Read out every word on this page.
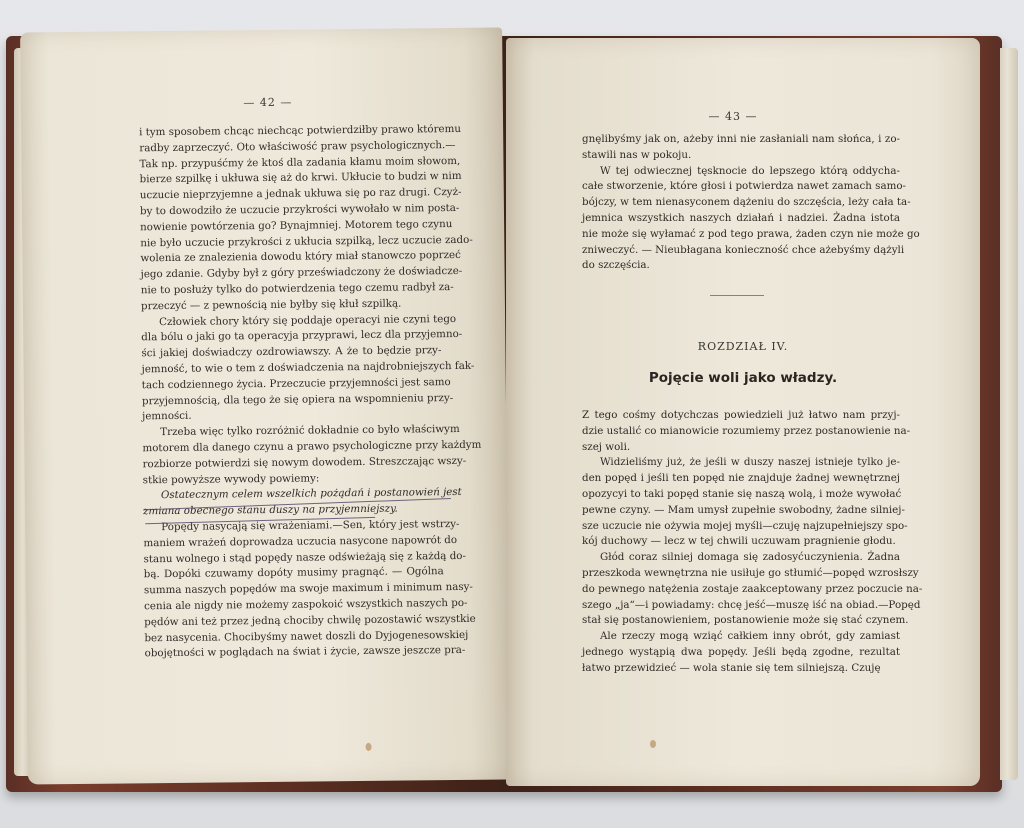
— 42 —
i tym sposobem chcąc niechcąc potwierdziłby prawo któremu
radby zaprzeczyć. Oto właściwość praw psychologicznych.—
Tak np. przypuśćmy że ktoś dla zadania kłamu moim słowom,
bierze szpilkę i ukłuwa się aż do krwi. Ukłucie to budzi w nim
uczucie nieprzyjemne a jednak ukłuwa się po raz drugi. Czyż-
by to dowodziło że uczucie przykrości wywołało w nim posta-
nowienie powtórzenia go? Bynajmniej. Motorem tego czynu
nie było uczucie przykrości z ukłucia szpilką, lecz uczucie zado-
wolenia ze znalezienia dowodu który miał stanowczo poprzeć
jego zdanie. Gdyby był z góry przeświadczony że doświadcze-
nie to posłuży tylko do potwierdzenia tego czemu radbył za-
przeczyć — z pewnością nie byłby się kłuł szpilką.
Człowiek chory który się poddaje operacyi nie czyni tego
dla bólu o jaki go ta operacyja przyprawi, lecz dla przyjemno-
ści jakiej doświadczy ozdrowiawszy. A że to będzie przy-
jemność, to wie o tem z doświadczenia na najdrobniejszych fak-
tach codziennego życia. Przeczucie przyjemności jest samo
przyjemnością, dla tego że się opiera na wspomnieniu przy-
jemności.
Trzeba więc tylko rozróżnić dokładnie co było właściwym
motorem dla danego czynu a prawo psychologiczne przy każdym
rozbiorze potwierdzi się nowym dowodem. Streszczając wszy-
stkie powyższe wywody powiemy:
Ostatecznym celem wszelkich pożądań i postanowień jest
zmiana obecnego stanu duszy na przyjemniejszy.
Popędy nasycają się wrażeniami.—Sen, który jest wstrzy-
maniem wrażeń doprowadza uczucia nasycone napowrót do
stanu wolnego i stąd popędy nasze odświeżają się z każdą do-
bą. Dopóki czuwamy dopóty musimy pragnąć. — Ogólna
summa naszych popędów ma swoje maximum i minimum nasy-
cenia ale nigdy nie możemy zaspokoić wszystkich naszych po-
pędów ani też przez jedną chociby chwilę pozostawić wszystkie
bez nasycenia. Chocibyśmy nawet doszli do Dyjogenesowskiej
obojętności w poglądach na świat i życie, zawsze jeszcze pra-
— 43 —
gnęlibyśmy jak on, ażeby inni nie zasłaniali nam słońca, i zo-
stawili nas w pokoju.
W tej odwiecznej tęsknocie do lepszego którą oddycha-
całe stworzenie, które głosi i potwierdza nawet zamach samo-
bójczy, w tem nienasyconem dążeniu do szczęścia, leży cała ta-
jemnica wszystkich naszych działań i nadziei. Żadna istota
nie może się wyłamać z pod tego prawa, żaden czyn nie może go
zniweczyć. — Nieubłagana konieczność chce ażebyśmy dążyli
do szczęścia.
ROZDZIAŁ IV.
Pojęcie woli jako władzy.
Z tego cośmy dotychczas powiedzieli już łatwo nam przyj-
dzie ustalić co mianowicie rozumiemy przez postanowienie na-
szej woli.
Widzieliśmy już, że jeśli w duszy naszej istnieje tylko je-
den popęd i jeśli ten popęd nie znajduje żadnej wewnętrznej
opozycyi to taki popęd stanie się naszą wolą, i może wywołać
pewne czyny. — Mam umysł zupełnie swobodny, żadne silniej-
sze uczucie nie ożywia mojej myśli—czuję najzupełniejszy spo-
kój duchowy — lecz w tej chwili uczuwam pragnienie głodu.
Głód coraz silniej domaga się zadosyćuczynienia. Żadna
przeszkoda wewnętrzna nie usiłuje go stłumić—popęd wzrosłszy
do pewnego natężenia zostaje zaakceptowany przez poczucie na-
szego „ja“—i powiadamy: chcę jeść—muszę iść na obiad.—Popęd
stał się postanowieniem, postanowienie może się stać czynem.
Ale rzeczy mogą wziąć całkiem inny obrót, gdy zamiast
jednego wystąpią dwa popędy. Jeśli będą zgodne, rezultat
łatwo przewidzieć — wola stanie się tem silniejszą. Czuję
